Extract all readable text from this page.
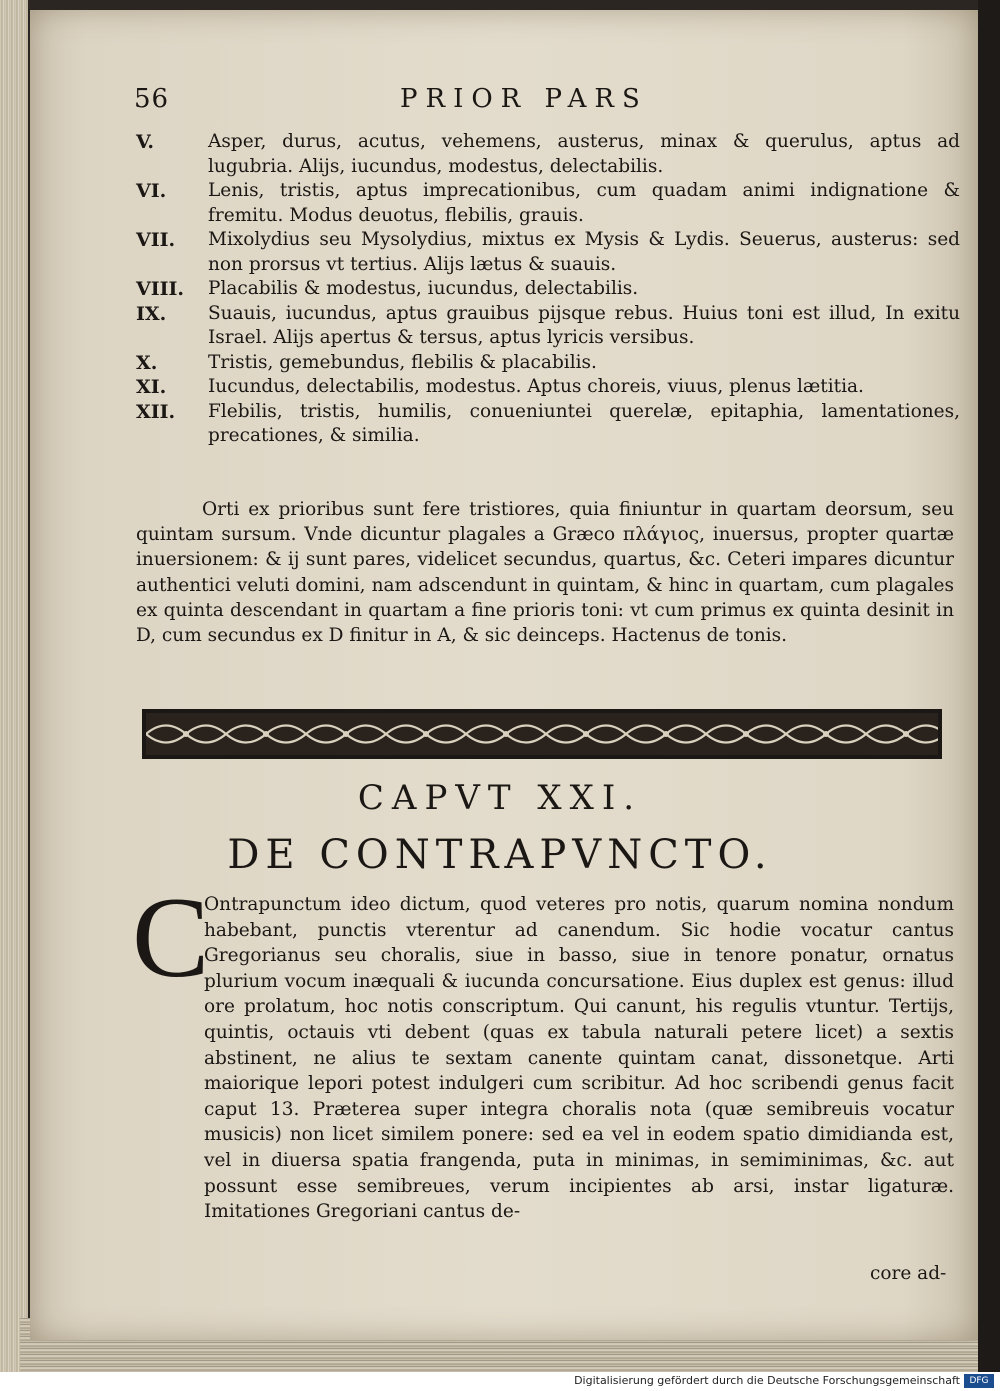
56	PRIOR PARS
V.	Asper, durus, acutus, vehemens, austerus, minax & querulus, aptus ad lugubria. Alijs, iucundus, modestus, delectabilis.
VI. Lenis, tristis, aptus imprecationibus, cum quadam animi indignatione & fremitu. Modus deuotus, flebilis, grauis.
VII. Mixolydius seu Mysolydius, mixtus ex Mysis & Lydis. Seuerus, austerus: sed non prorsus vt tertius. Alijs lætus & suauis.
VIII. Placabilis & modestus, iucundus, delectabilis.
IX. Suauis, iucundus, aptus grauibus pijsque rebus. Huius toni est illud, In exitu Israel. Alijs apertus & tersus, aptus lyricis versibus.
X.	Tristis, gemebundus, flebilis & placabilis.
XI. Iucundus, delectabilis, modestus. Aptus choreis, viuus, plenus lætitia.
XII. Flebilis, tristis, humilis, conueniuntei querelæ, epitaphia, lamentationes, precationes, & similia.
Orti ex prioribus sunt fere tristiores, quia finiuntur in quartam deorsum, seu quintam sursum. Vnde dicuntur plagales a Græco πλάγιος, inuersus, propter quartæ inuersionem: & ij sunt pares, videlicet secundus, quartus, &c. Ceteri impares dicuntur authentici veluti domini, nam adscendunt in quintam, & hinc in quartam, cum plagales ex quinta descendant in quartam a fine prioris toni: vt cum primus ex quinta desinit in D, cum secundus ex D finitur in A, & sic deinceps. Hactenus de tonis.
CAPVT XXI.
DE CONTRAPVNCTO.
C
Ontrapunctum ideo dictum, quod veteres pro notis, quarum nomina nondum habebant, punctis vterentur ad canendum. Sic hodie vocatur cantus Gregorianus seu choralis, siue in basso, siue in tenore ponatur, ornatus plurium vocum inæquali & iucunda concursatione. Eius duplex est genus: illud ore prolatum, hoc notis conscriptum. Qui canunt, his regulis vtuntur. Tertijs, quintis, octauis vti debent (quas ex tabula naturali petere licet) a sextis abstinent, ne alius te sextam canente quintam canat, dissonetque. Arti maiorique lepori potest indulgeri cum scribitur. Ad hoc scribendi genus facit caput 13. Præterea super integra choralis nota (quæ semibreuis vocatur musicis) non licet similem ponere: sed ea vel in eodem spatio dimidianda est, vel in diuersa spatia frangenda, puta in minimas, in semiminimas, &c. aut possunt esse semibreues, verum incipientes ab arsi, instar ligaturæ. Imitationes Gregoriani cantus de-
core ad-
Digitalisierung gefördert durch die Deutsche Forschungsgemeinschaft	DFG
